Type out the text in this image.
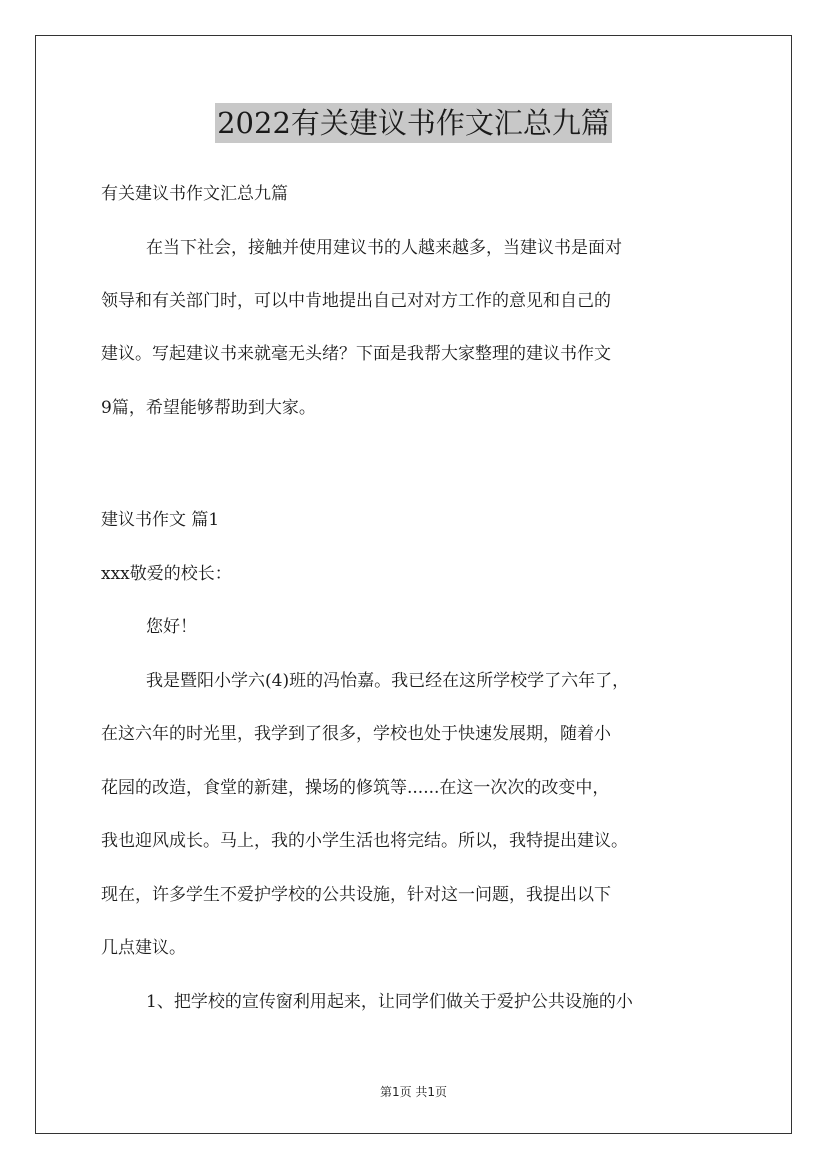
2022有关建议书作文汇总九篇
有关建议书作文汇总九篇
在当下社会，接触并使用建议书的人越来越多，当建议书是面对
领导和有关部门时，可以中肯地提出自己对对方工作的意见和自己的
建议。写起建议书来就毫无头绪？下面是我帮大家整理的建议书作文
9篇，希望能够帮助到大家。
建议书作文 篇1
xxx敬爱的校长：
您好！
我是暨阳小学六(4)班的冯怡嘉。我已经在这所学校学了六年了，
在这六年的时光里，我学到了很多，学校也处于快速发展期，随着小
花园的改造，食堂的新建，操场的修筑等......在这一次次的改变中，
我也迎风成长。马上，我的小学生活也将完结。所以，我特提出建议。
现在，许多学生不爱护学校的公共设施，针对这一问题，我提出以下
几点建议。
1、把学校的宣传窗利用起来，让同学们做关于爱护公共设施的小
第1页 共1页
